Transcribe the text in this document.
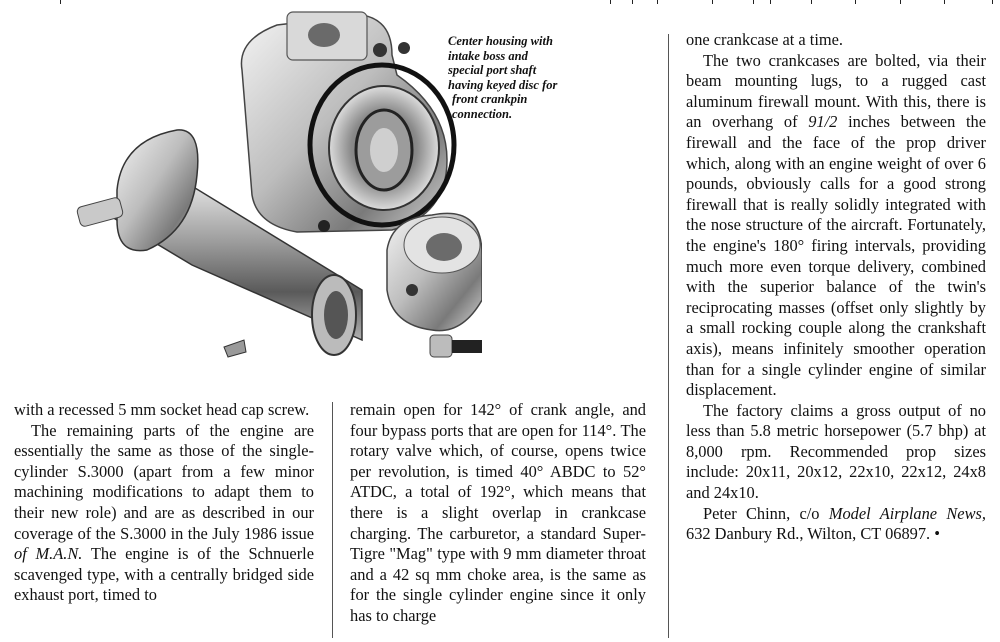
Center housing with
intake boss and
special port shaft
having keyed disc for
front crankpin
connection.

with a recessed 5 mm socket head cap screw.

The remaining parts of the engine are essentially the same as those of the single-cylinder S.3000 (apart from a few minor machining modifications to adapt them to their new role) and are as described in our coverage of the S.3000 in the July 1986 issue of M.A.N. The engine is of the Schnuerle scavenged type, with a centrally bridged side exhaust port, timed to

remain open for 142° of crank angle, and four bypass ports that are open for 114°. The rotary valve which, of course, opens twice per revolution, is timed 40° ABDC to 52° ATDC, a total of 192°, which means that there is a slight overlap in crankcase charging. The carburetor, a standard Super-Tigre "Mag" type with 9 mm diameter throat and a 42 sq mm choke area, is the same as for the single cylinder engine since it only has to charge

one crankcase at a time.

The two crankcases are bolted, via their beam mounting lugs, to a rugged cast aluminum firewall mount. With this, there is an overhang of 91/2 inches between the firewall and the face of the prop driver which, along with an engine weight of over 6 pounds, obviously calls for a good strong firewall that is really solidly integrated with the nose structure of the aircraft. Fortunately, the engine's 180° firing intervals, providing much more even torque delivery, combined with the superior balance of the twin's reciprocating masses (offset only slightly by a small rocking couple along the crankshaft axis), means infinitely smoother operation than for a single cylinder engine of similar displacement.

The factory claims a gross output of no less than 5.8 metric horsepower (5.7 bhp) at 8,000 rpm. Recommended prop sizes include: 20x11, 20x12, 22x10, 22x12, 24x8 and 24x10.

Peter Chinn, c/o Model Airplane News, 632 Danbury Rd., Wilton, CT 06897. •
